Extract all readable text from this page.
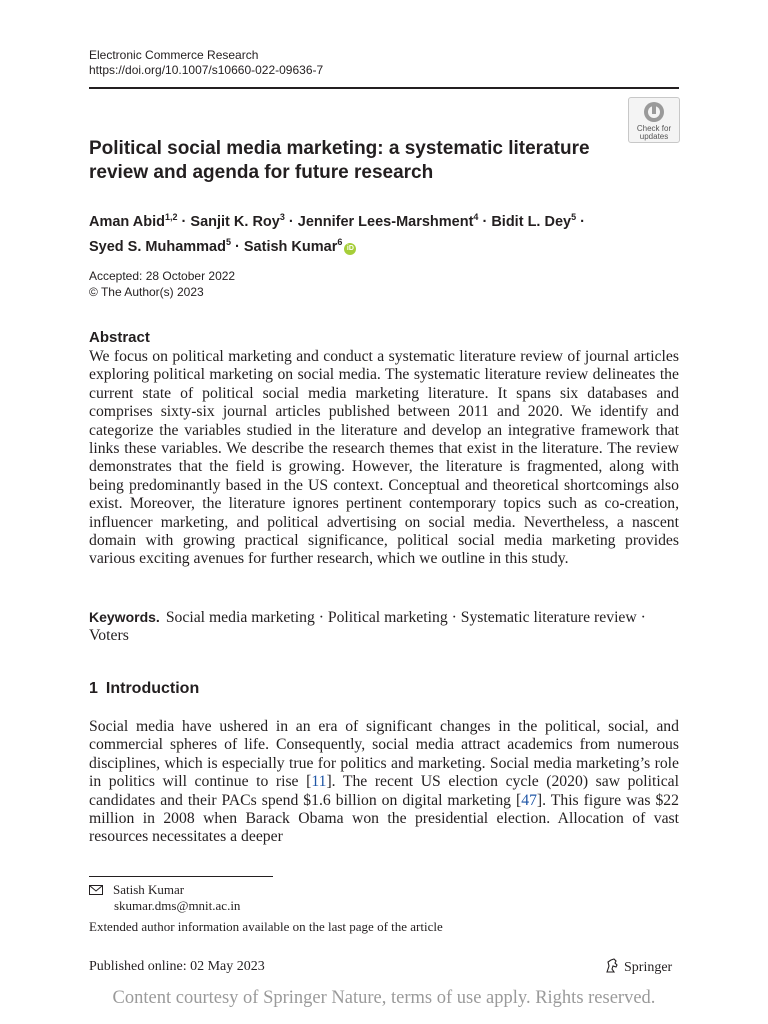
Electronic Commerce Research
https://doi.org/10.1007/s10660-022-09636-7
Check for
updates
Political social media marketing: a systematic literature review and agenda for future research
Aman Abid$^{1,2}$ · Sanjit K. Roy$^3$ · Jennifer Lees-Marshment$^4$ · Bidit L. Dey$^5$ ·
Syed S. Muhammad$^5$ · Satish Kumar$^6$iD
Accepted: 28 October 2022
© The Author(s) 2023
Abstract
We focus on political marketing and conduct a systematic literature review of journal articles exploring political marketing on social media. The systematic literature review delineates the current state of political social media marketing literature. It spans six databases and comprises sixty-six journal articles published between 2011 and 2020. We identify and categorize the variables studied in the literature and develop an integrative framework that links these variables. We describe the research themes that exist in the literature. The review demonstrates that the field is growing. However, the literature is fragmented, along with being predominantly based in the US context. Conceptual and theoretical shortcomings also exist. Moreover, the literature ignores pertinent contemporary topics such as co-creation, influencer marketing, and political advertising on social media. Nevertheless, a nascent domain with growing practical significance, political social media marketing provides various exciting avenues for further research, which we outline in this study.
Keywords. Social media marketing · Political marketing · Systematic literature review · Voters
1 Introduction
Social media have ushered in an era of significant changes in the political, social, and commercial spheres of life. Consequently, social media attract academics from numerous disciplines, which is especially true for politics and marketing. Social media marketing’s role in politics will continue to rise [11]. The recent US election cycle (2020) saw political candidates and their PACs spend $1.6 billion on digital marketing [47]. This figure was $22 million in 2008 when Barack Obama won the presidential election. Allocation of vast resources necessitates a deeper
Satish Kumar
skumar.dms@mnit.ac.in
Extended author information available on the last page of the article
Published online: 02 May 2023	Springer
Content courtesy of Springer Nature, terms of use apply. Rights reserved.
